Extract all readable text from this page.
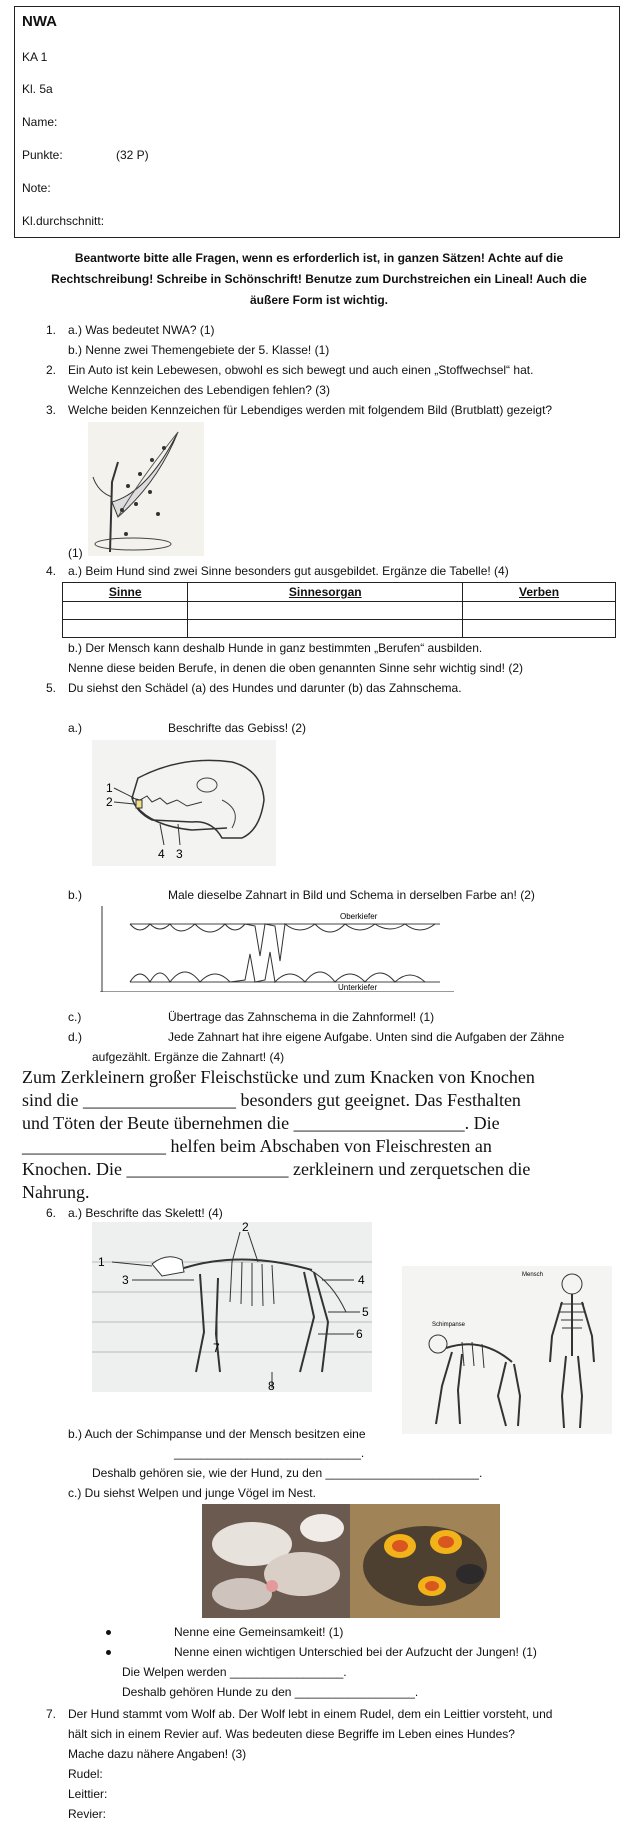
NWA
KA 1
Kl. 5a
Name:
Punkte:	(32 P)
Note:
Kl.durchschnitt:
Beantworte bitte alle Fragen, wenn es erforderlich ist, in ganzen Sätzen! Achte auf die Rechtschreibung! Schreibe in Schönschrift! Benutze zum Durchstreichen ein Lineal! Auch die äußere Form ist wichtig.
1. a.) Was bedeutet NWA? (1)
b.) Nenne zwei Themengebiete der 5. Klasse! (1)
2. Ein Auto ist kein Lebewesen, obwohl es sich bewegt und auch einen „Stoffwechsel“ hat.
Welche Kennzeichen des Lebendigen fehlen? (3)
3. Welche beiden Kennzeichen für Lebendiges werden mit folgendem Bild (Brutblatt) gezeigt?
(1)
4. a.) Beim Hund sind zwei Sinne besonders gut ausgebildet. Ergänze die Tabelle! (4)
Sinne	Sinnesorgan	Verben

b.) Der Mensch kann deshalb Hunde in ganz bestimmten „Berufen“ ausbilden.
Nenne diese beiden Berufe, in denen die oben genannten Sinne sehr wichtig sind! (2)
5. Du siehst den Schädel (a) des Hundes und darunter (b) das Zahnschema.
a.)	Beschrifte das Gebiss! (2)
1
2
4 3
b.)	Male dieselbe Zahnart in Bild und Schema in derselben Farbe an! (2)
Oberkiefer
Unterkiefer
c.)	Übertrage das Zahnschema in die Zahnformel! (1)
d.)	Jede Zahnart hat ihre eigene Aufgabe. Unten sind die Aufgaben der Zähne
aufgezählt. Ergänze die Zahnart! (4)
Zum Zerkleinern großer Fleischstücke und zum Knacken von Knochen
sind die _________________ besonders gut geeignet. Das Festhalten
und Töten der Beute übernehmen die ___________________. Die
________________ helfen beim Abschaben von Fleischresten an
Knochen. Die __________________ zerkleinern und zerquetschen die
Nahrung.
6. a.) Beschrifte das Skelett! (4)
1
2
3	4
5
6
7
8
Mensch
Schimpanse
b.) Auch der Schimpanse und der Mensch besitzen eine
____________________________.
Deshalb gehören sie, wie der Hund, zu den _______________________.
c.) Du siehst Welpen und junge Vögel im Nest.
Nenne eine Gemeinsamkeit! (1)
Nenne einen wichtigen Unterschied bei der Aufzucht der Jungen! (1)
Die Welpen werden _________________.
Deshalb gehören Hunde zu den __________________.
7. Der Hund stammt vom Wolf ab. Der Wolf lebt in einem Rudel, dem ein Leittier vorsteht, und
hält sich in einem Revier auf. Was bedeuten diese Begriffe im Leben eines Hundes?
Mache dazu nähere Angaben! (3)
Rudel:
Leittier:
Revier:
